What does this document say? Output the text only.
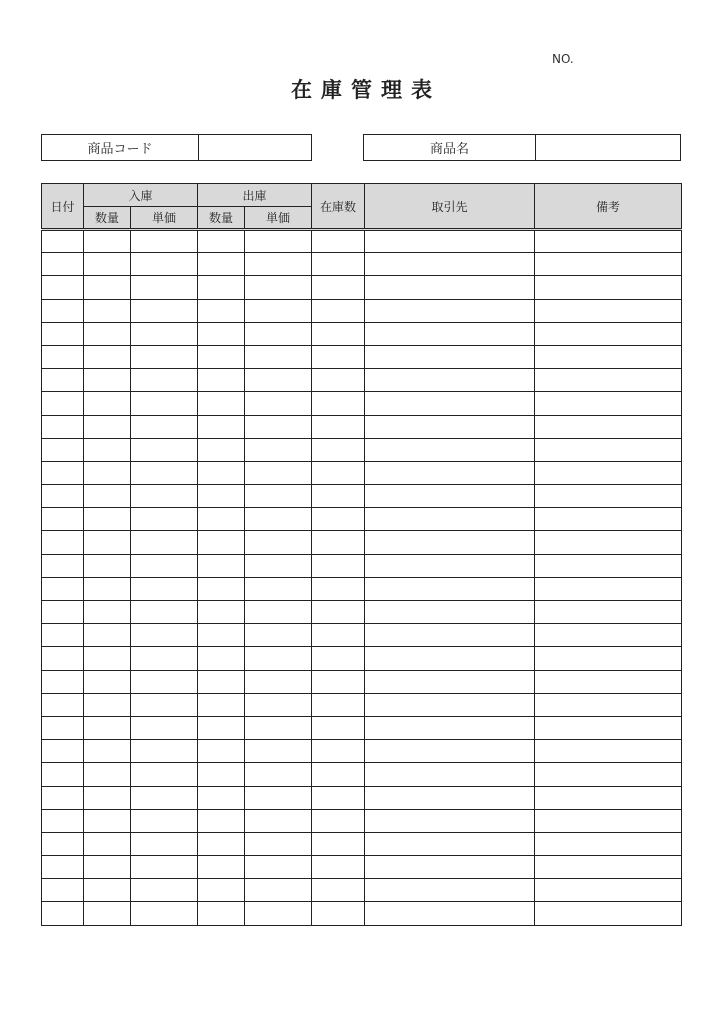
NO.
在庫管理表
商品コード	商品名
日付	入庫		出庫		在庫数	取引先	備考
	数量	単価	数量	単価			
